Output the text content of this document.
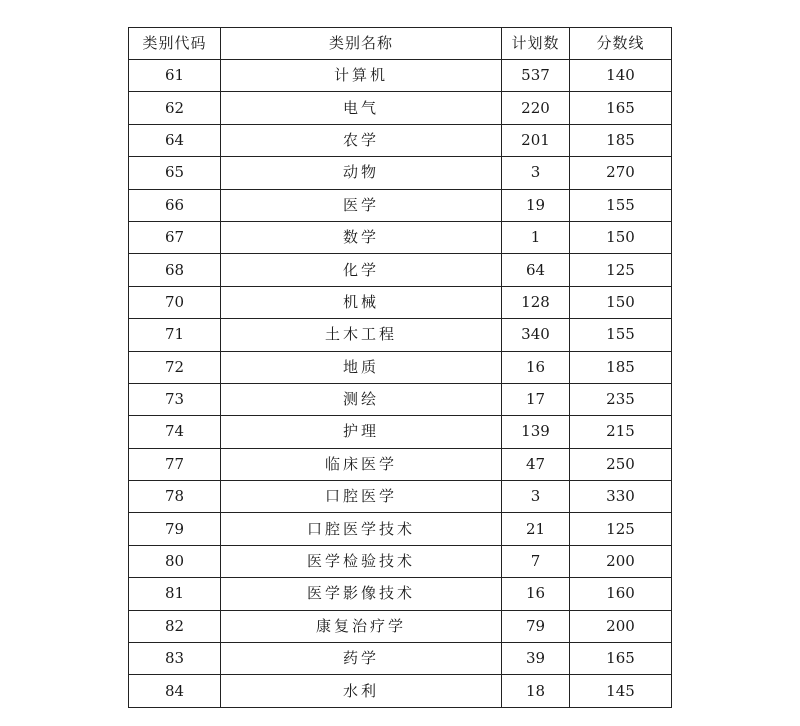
类别代码	类别名称	计划数	分数线
61	计算机	537	140
62	电气	220	165
64	农学	201	185
65	动物	3	270
66	医学	19	155
67	数学	1	150
68	化学	64	125
70	机械	128	150
71	土木工程	340	155
72	地质	16	185
73	测绘	17	235
74	护理	139	215
77	临床医学	47	250
78	口腔医学	3	330
79	口腔医学技术	21	125
80	医学检验技术	7	200
81	医学影像技术	16	160
82	康复治疗学	79	200
83	药学	39	165
84	水利	18	145
